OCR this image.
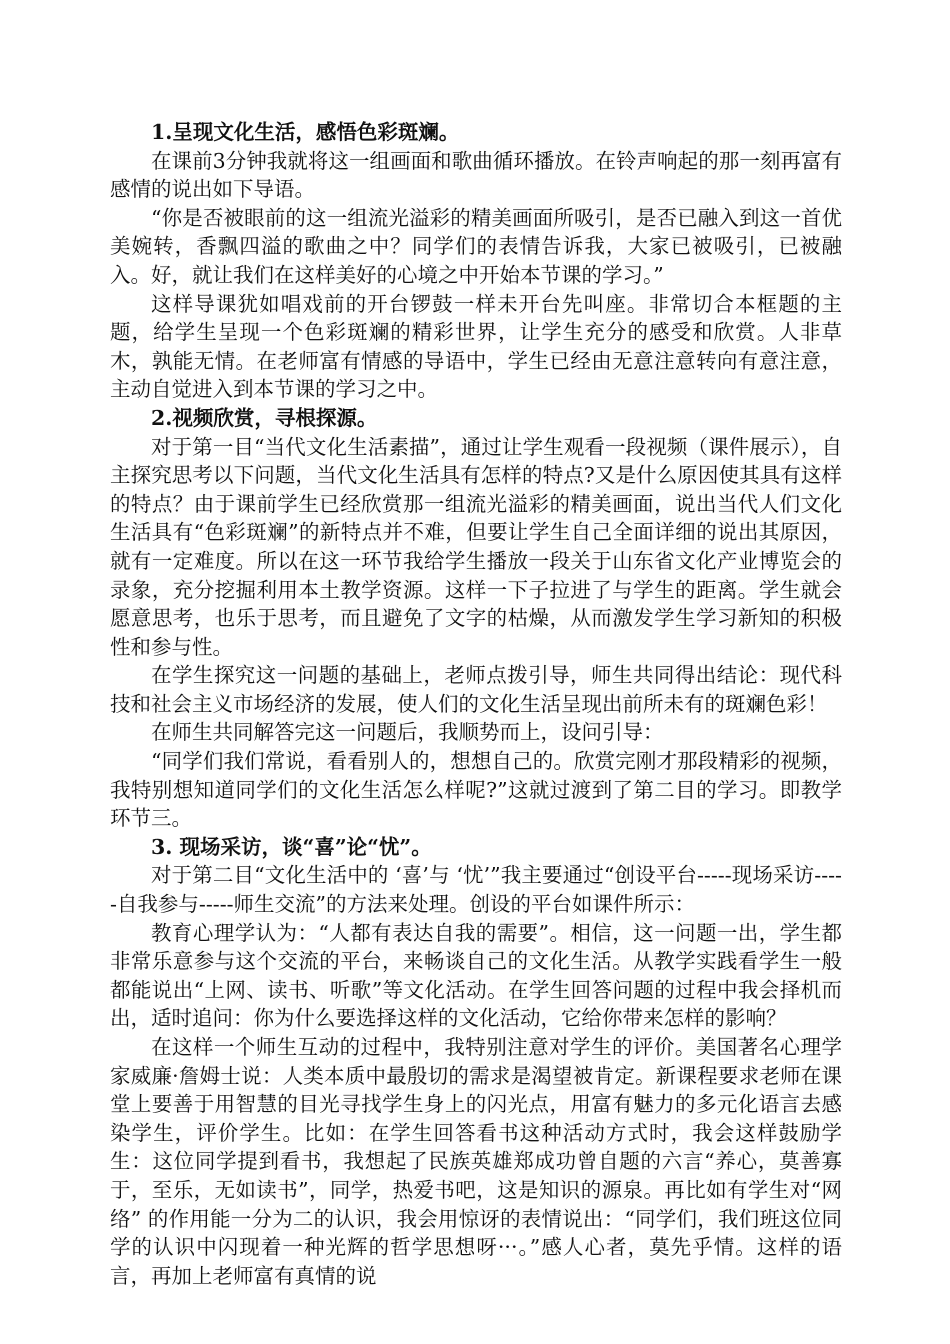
1.呈现文化生活，感悟色彩斑斓。

在课前3分钟我就将这一组画面和歌曲循环播放。在铃声响起的那一刻再富有感情的说出如下导语。

“你是否被眼前的这一组流光溢彩的精美画面所吸引，是否已融入到这一首优美婉转，香飘四溢的歌曲之中？同学们的表情告诉我，大家已被吸引，已被融入。好，就让我们在这样美好的心境之中开始本节课的学习。”

这样导课犹如唱戏前的开台锣鼓一样未开台先叫座。非常切合本框题的主题，给学生呈现一个色彩斑斓的精彩世界，让学生充分的感受和欣赏。人非草木，孰能无情。在老师富有情感的导语中，学生已经由无意注意转向有意注意，主动自觉进入到本节课的学习之中。

2.视频欣赏，寻根探源。

对于第一目“当代文化生活素描”，通过让学生观看一段视频（课件展示），自主探究思考以下问题，当代文化生活具有怎样的特点?又是什么原因使其具有这样的特点？由于课前学生已经欣赏那一组流光溢彩的精美画面，说出当代人们文化生活具有“色彩斑斓”的新特点并不难，但要让学生自己全面详细的说出其原因，就有一定难度。所以在这一环节我给学生播放一段关于山东省文化产业博览会的录象，充分挖掘利用本土教学资源。这样一下子拉进了与学生的距离。学生就会愿意思考，也乐于思考，而且避免了文字的枯燥，从而激发学生学习新知的积极性和参与性。

在学生探究这一问题的基础上，老师点拨引导，师生共同得出结论：现代科技和社会主义市场经济的发展，使人们的文化生活呈现出前所未有的斑斓色彩！

在师生共同解答完这一问题后，我顺势而上，设问引导：

“同学们我们常说，看看别人的，想想自己的。欣赏完刚才那段精彩的视频，我特别想知道同学们的文化生活怎么样呢?”这就过渡到了第二目的学习。即教学环节三。

3. 现场采访，谈“喜”论“忧”。

对于第二目“文化生活中的 ‘喜’与 ‘忧’”我主要通过“创设平台-----现场采访-----自我参与-----师生交流”的方法来处理。创设的平台如课件所示：

教育心理学认为：“人都有表达自我的需要”。相信，这一问题一出，学生都非常乐意参与这个交流的平台，来畅谈自己的文化生活。从教学实践看学生一般都能说出“上网、读书、听歌”等文化活动。在学生回答问题的过程中我会择机而出，适时追问：你为什么要选择这样的文化活动，它给你带来怎样的影响？

在这样一个师生互动的过程中，我特别注意对学生的评价。美国著名心理学家威廉·詹姆士说：人类本质中最殷切的需求是渴望被肯定。新课程要求老师在课堂上要善于用智慧的目光寻找学生身上的闪光点，用富有魅力的多元化语言去感染学生，评价学生。比如：在学生回答看书这种活动方式时，我会这样鼓励学生：这位同学提到看书，我想起了民族英雄郑成功曾自题的六言“养心，莫善寡于，至乐，无如读书”，同学，热爱书吧，这是知识的源泉。再比如有学生对“网络” 的作用能一分为二的认识，我会用惊讶的表情说出：“同学们，我们班这位同学的认识中闪现着一种光辉的哲学思想呀···。”感人心者，莫先乎情。这样的语言，再加上老师富有真情的说
